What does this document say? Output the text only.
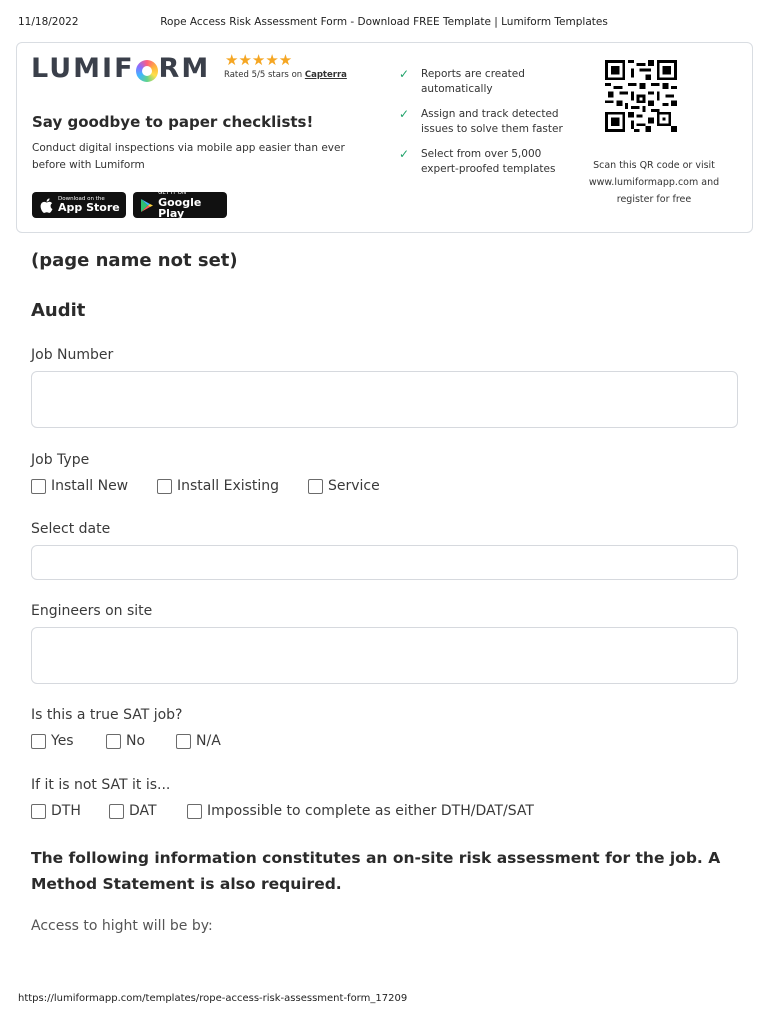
11/18/2022	Rope Access Risk Assessment Form - Download FREE Template | Lumiform Templates
LUMIF RM ★★★★★
Rated 5/5 stars on Capterra
Say goodbye to paper checklists!
Conduct digital inspections via mobile app easier than ever before with Lumiform
Download on the
App Store
GET IT ON
Google Play
✓ Reports are created automatically
✓ Assign and track detected issues to solve them faster
✓ Select from over 5,000 expert-proofed templates	Scan this QR code or visit www.lumiformapp.com and register for free
(page name not set)
Audit
Job Number
Job Type
Install New	Install Existing	Service
Select date
Engineers on site
Is this a true SAT job?
Yes	No	N/A
If it is not SAT it is...
DTH	DAT	Impossible to complete as either DTH/DAT/SAT
The following information constitutes an on-site risk assessment for the job. A Method Statement is also required.
Access to hight will be by:
https://lumiformapp.com/templates/rope-access-risk-assessment-form_17209
